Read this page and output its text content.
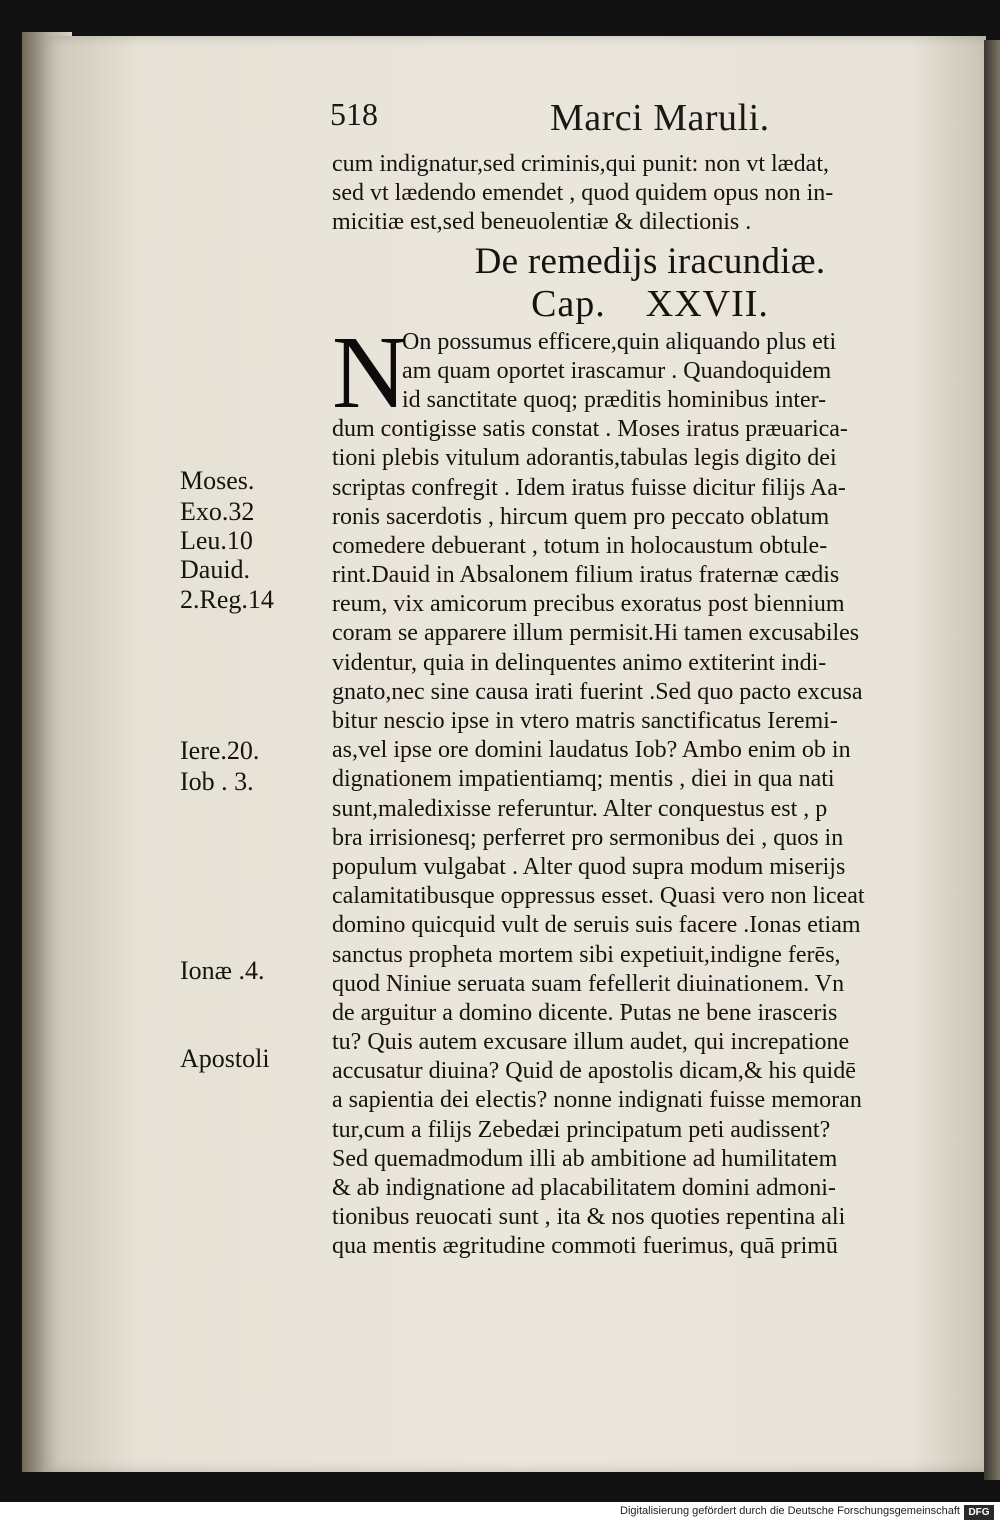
518	Marci Maruli.
cum indignatur,sed criminis,qui punit: non vt lædat,
sed vt lædendo emendet , quod quidem opus non in-
micitiæ est,sed beneuolentiæ & dilectionis .
De remedijs iracundiæ.
Cap. XXVII.
N
On possumus efficere,quin aliquando plus eti
am quam oportet irascamur . Quandoquidem
id sanctitate quoq; præditis hominibus inter-
dum contigisse satis constat . Moses iratus præuarica-
tioni plebis vitulum adorantis,tabulas legis digito dei
scriptas confregit . Idem iratus fuisse dicitur filijs Aa-
ronis sacerdotis , hircum quem pro peccato oblatum
comedere debuerant , totum in holocaustum obtule-
rint.Dauid in Absalonem filium iratus fraternæ cædis
reum, vix amicorum precibus exoratus post biennium
coram se apparere illum permisit.Hi tamen excusabiles
videntur, quia in delinquentes animo extiterint indi-
gnato,nec sine causa irati fuerint .Sed quo pacto excusa
bitur nescio ipse in vtero matris sanctificatus Ieremi-
as,vel ipse ore domini laudatus Iob? Ambo enim ob in
dignationem impatientiamq; mentis , diei in qua nati
sunt,maledixisse referuntur. Alter conquestus est , p
bra irrisionesq; perferret pro sermonibus dei , quos in
populum vulgabat . Alter quod supra modum miserijs
calamitatibusque oppressus esset. Quasi vero non liceat
domino quicquid vult de seruis suis facere .Ionas etiam
sanctus propheta mortem sibi expetiuit,indigne ferēs,
quod Niniue seruata suam fefellerit diuinationem. Vn
de arguitur a domino dicente. Putas ne bene irasceris
tu? Quis autem excusare illum audet, qui increpatione
accusatur diuina? Quid de apostolis dicam,& his quidē
a sapientia dei electis? nonne indignati fuisse memoran
tur,cum a filijs Zebedæi principatum peti audissent?
Sed quemadmodum illi ab ambitione ad humilitatem
& ab indignatione ad placabilitatem domini admoni-
tionibus reuocati sunt , ita & nos quoties repentina ali
qua mentis ægritudine commoti fuerimus, quā primū
Moses.
Exo.32
Leu.10
Dauid.
2.Reg.14
Iere.20.
Iob . 3.
Ionæ .4.
Apostoli
Digitalisierung gefördert durch die Deutsche Forschungsgemeinschaft DFG
